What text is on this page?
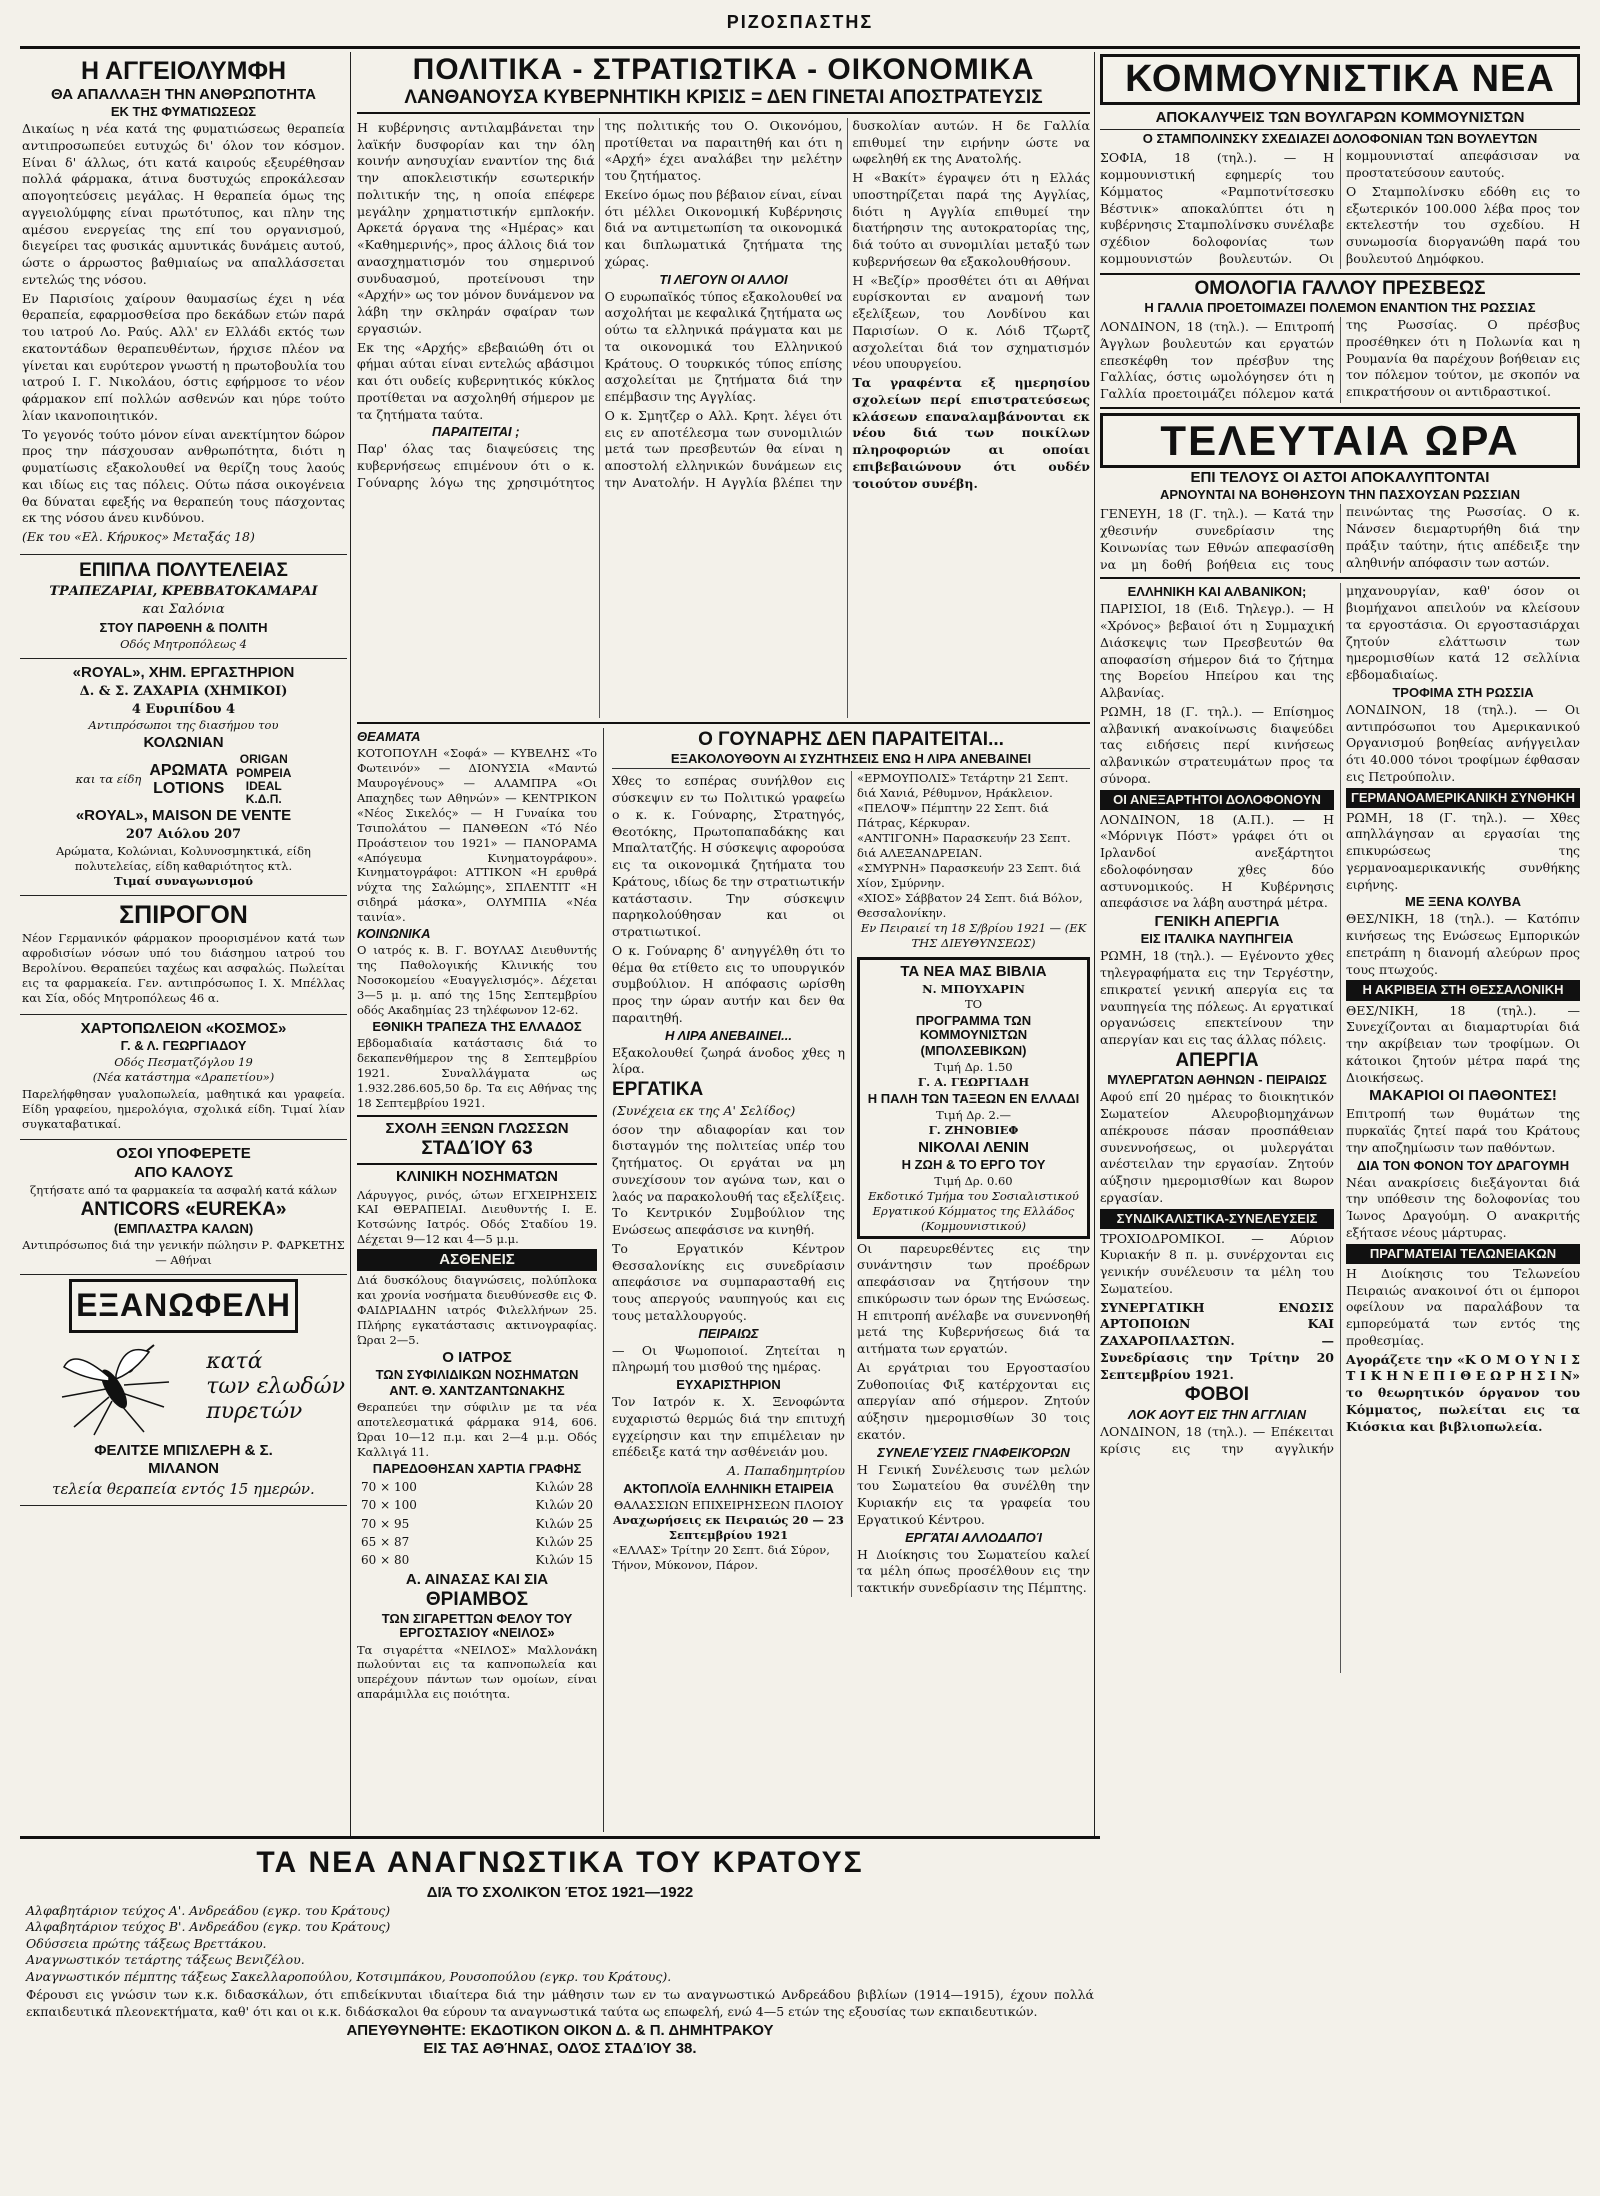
ΡΙΖΟΣΠΑΣΤΗΣ
Η ΑΓΓΕΙΟΛΥΜΦΗ
ΘΑ ΑΠΑΛΛΑΞΗ ΤΗΝ ΑΝΘΡΩΠΟΤΗΤΑ
ΕΚ ΤΗΣ ΦΥΜΑΤΙΩΣΕΩΣ

Δικαίως η νέα κατά της φυματιώσεως θεραπεία αντιπροσωπεύει ευτυχώς δι' όλον τον κόσμον. Είναι δ' άλλως, ότι κατά καιρούς εξευρέθησαν πολλά φάρμακα, άτινα δυστυχώς επροκάλεσαν απογοητεύσεις μεγάλας. Η θεραπεία όμως της αγγειολύμφης είναι πρωτότυπος, και πλην της αμέσου ενεργείας της επί του οργανισμού, διεγείρει τας φυσικάς αμυντικάς δυνάμεις αυτού, ώστε ο άρρωστος βαθμιαίως να απαλλάσσεται εντελώς της νόσου.

Εν Παρισίοις χαίρουν θαυμασίως έχει η νέα θεραπεία, εφαρμοσθείσα προ δεκάδων ετών παρά του ιατρού Λο. Ραύς. Αλλ' εν Ελλάδι εκτός των εκατοντάδων θεραπευθέντων, ήρχισε πλέον να γίνεται και ευρύτερον γνωστή η πρωτοβουλία του ιατρού Ι. Γ. Νικολάου, όστις εφήρμοσε το νέον φάρμακον επί πολλών ασθενών και ηύρε τούτο λίαν ικανοποιητικόν.

Το γεγονός τούτο μόνον είναι ανεκτίμητον δώρον προς την πάσχουσαν ανθρωπότητα, διότι η φυματίωσις εξακολουθεί να θερίζη τους λαούς και ιδίως εις τας πόλεις. Ούτω πάσα οικογένεια θα δύναται εφεξής να θεραπεύη τους πάσχοντας εκ της νόσου άνευ κινδύνου.

(Εκ του «Ελ. Κήρυκος» Μεταξάς 18)

ΕΠΙΠΛΑ ΠΟΛΥΤΕΛΕΙΑΣ
ΤΡΑΠΕΖΑΡΙΑΙ, ΚΡΕΒΒΑΤΟΚΑΜΑΡΑΙ
και Σαλόνια
ΣΤΟΥ ΠΑΡΘΕΝΗ & ΠΟΛΙΤΗ
Οδός Μητροπόλεως 4
«ROYAL», ΧΗΜ. ΕΡΓΑΣΤΗΡΙΟΝ
Δ. & Σ. ΖΑΧΑΡΙΑ (ΧΗΜΙΚΟΙ)
4 Ευριπίδου 4
Αντιπρόσωποι της διασήμου του
ΚΟΛΩΝΙΑΝ
και τα είδη
ΑΡΩΜΑΤΑ
LOTIONS
ORIGAN
POMPEIA
IDEAL
K.Δ.Π.
«ROYAL», MAISON DE VENTE
207 Αιόλου 207
Αρώματα, Κολώνιαι, Κολυνοσμηκτικά, είδη πολυτελείας, είδη καθαριότητος κτλ.
Τιμαί συναγωνισμού
ΣΠΙΡΟΓΟΝ

Νέον Γερμανικόν φάρμακον προορισμένον κατά των αφροδισίων νόσων υπό του διάσημου ιατρού του Βερολίνου. Θεραπεύει ταχέως και ασφαλώς. Πωλείται εις τα φαρμακεία. Γεν. αντιπρόσωπος Ι. Χ. Μπέλλας και Σία, οδός Μητροπόλεως 46 α.

ΧΑΡΤΟΠΩΛΕΙΟΝ «ΚΟΣΜΟΣ»
Γ. & Λ. ΓΕΩΡΓΙΑΔΟΥ
Οδός Πεσματζόγλου 19
(Νέα κατάστημα «Δραπετίου»)

Παρελήφθησαν γυαλοπωλεία, μαθητικά και γραφεία. Είδη γραφείου, ημερολόγια, σχολικά είδη. Τιμαί λίαν συγκαταβατικαί.

ΟΣΟΙ ΥΠΟΦΕΡΕΤΕ
ΑΠΟ ΚΑΛΟΥΣ
ζητήσατε από τα φαρμακεία τα ασφαλή κατά κάλων
ANTICORS «EUREKA»
(ΕΜΠΛΑΣΤΡΑ ΚΑΛΩΝ)
Αντιπρόσωπος διά την γενικήν πώλησιν Ρ. ΦΑΡΚΕΤΗΣ — Αθήναι
ΕΞΑΝΩΦΕΛΗ
κατά
των ελωδών
πυρετών
ΦΕΛΙΤΣΕ ΜΠΙΣΛΕΡΗ & Σ.
ΜΙΛΑΝΟΝ
τελεία θεραπεία εντός 15 ημερών.
ΤΑ ΝΕΑ ΑΝΑΓΝΩΣΤΙΚΑ ΤΟΥ ΚΡΑΤΟΥΣ
ΔΙΆ ΤΌ ΣΧΟΛΙΚΌΝ ΈΤΟΣ 1921—1922
Αλφαβητάριον τεύχος Α'. Ανδρεάδου (εγκρ. του Κράτους)
Αλφαβητάριον τεύχος Β'. Ανδρεάδου (εγκρ. του Κράτους)
Οδύσσεια πρώτης τάξεως Βρεττάκου.
Αναγνωστικόν τετάρτης τάξεως Βενιζέλου.
Αναγνωστικόν πέμπτης τάξεως Σακελλαροπούλου, Κοτσιμπάκου, Ρουσοπούλου (εγκρ. του Κράτους).
Φέρουσι εις γνώσιν των κ.κ. διδασκάλων, ότι επιδείκνυται ιδιαίτερα διά την μάθησιν των εν τω αναγνωστικώ Ανδρεάδου βιβλίων (1914—1915), έχουν πολλά εκπαιδευτικά πλεονεκτήματα, καθ' ότι και οι κ.κ. διδάσκαλοι θα εύρουν τα αναγνωστικά ταύτα ως επωφελή, ενώ 4—5 ετών της εξουσίας των εκπαιδευτικών.
ΑΠΕΥΘΥΝΘΗΤΕ: ΕΚΔΟΤΙΚΟΝ ΟΙΚΟΝ Δ. & Π. ΔΗΜΗΤΡΑΚΟΥ
ΕΙΣ ΤΑΣ ΑΘΉΝΑΣ, ΟΔΌΣ ΣΤΑΔΊΟΥ 38.
ΠΟΛΙΤΙΚΑ - ΣΤΡΑΤΙΩΤΙΚΑ - ΟΙΚΟΝΟΜΙΚΑ
ΛΑΝΘΑΝΟΥΣΑ ΚΥΒΕΡΝΗΤΙΚΗ ΚΡΙΣΙΣ = ΔΕΝ ΓΙΝΕΤΑΙ ΑΠΟΣΤΡΑΤΕΥΣΙΣ

Η κυβέρνησις αντιλαμβάνεται την λαϊκήν δυσφορίαν και την όλη κοινήν ανησυχίαν εναντίον της διά την αποκλειστικήν εσωτερικήν πολιτικήν της, η οποία επέφερε μεγάλην χρηματιστικήν εμπλοκήν. Αρκετά όργανα της «Ημέρας» και «Καθημερινής», προς άλλοις διά τον ανασχηματισμόν του σημερινού συνδυασμού, προτείνουσι την «Αρχήν» ως τον μόνον δυνάμενον να λάβη την σκληράν σφαίραν των εργασιών.

Εκ της «Αρχής» εβεβαιώθη ότι οι φήμαι αύται είναι εντελώς αβάσιμοι και ότι ουδείς κυβερνητικός κύκλος προτίθεται να ασχοληθή σήμερον με τα ζητήματα ταύτα.

ΠΑΡΑΙΤΕΙΤΑΙ ;

Παρ' όλας τας διαψεύσεις της κυβερνήσεως επιμένουν ότι ο κ. Γούναρης λόγω της χρησιμότητος της πολιτικής του Ο. Οικονόμου, προτίθεται να παραιτηθή και ότι η «Αρχή» έχει αναλάβει την μελέτην του ζητήματος.

Εκείνο όμως που βέβαιον είναι, είναι ότι μέλλει Οικονομική Κυβέρνησις διά να αντιμετωπίση τα οικονομικά και διπλωματικά ζητήματα της χώρας.

ΤΙ ΛΕΓΟΥΝ ΟΙ ΑΛΛΟΙ

Ο ευρωπαϊκός τύπος εξακολουθεί να ασχολήται με κεφαλικά ζητήματα ως ούτω τα ελληνικά πράγματα και με τα οικονομικά του Ελληνικού Κράτους. Ο τουρκικός τύπος επίσης ασχολείται με ζητήματα διά την επέμβασιν της Αγγλίας.

Ο κ. Σμητζερ ο Αλλ. Κρητ. λέγει ότι εις εν αποτέλεσμα των συνομιλιών μετά των πρεσβευτών θα είναι η αποστολή ελληνικών δυνάμεων εις την Ανατολήν. Η Αγγλία βλέπει την δυσκολίαν αυτών. Η δε Γαλλία επιθυμεί την ειρήνην ώστε να ωφεληθή εκ της Ανατολής.

Η «Βακίτ» έγραψεν ότι η Ελλάς υποστηρίζεται παρά της Αγγλίας, διότι η Αγγλία επιθυμεί την διατήρησιν της αυτοκρατορίας της, διά τούτο αι συνομιλίαι μεταξύ των κυβερνήσεων θα εξακολουθήσουν.

Η «Βεζίρ» προσθέτει ότι αι Αθήναι ευρίσκονται εν αναμονή των εξελίξεων, του Λονδίνου και Παρισίων. Ο κ. Λόιδ Τζωρτζ ασχολείται διά τον σχηματισμόν νέου υπουργείου.

Τα γραφέντα εξ ημερησίου σχολείων περί επιστρατεύσεως κλάσεων επαναλαμβάνονται εκ νέου διά των ποικίλων πληροφοριών αι οποίαι επιβεβαιώνουν ότι ουδέν τοιούτον συνέβη.

ΘΕΑΜΑΤΑ

ΚΟΤΟΠΟΥΛΗ «Σοφά» — ΚΥΒΕΛΗΣ «Το Φωτεινόν» — ΔΙΟΝΥΣΙΑ «Μαντώ Μαυρογένους» — ΑΛΑΜΠΡΑ «Οι Απαχηδες των Αθηνών» — ΚΕΝΤΡΙΚΟΝ «Νέος Σικελός» — Η Γυναίκα του Τσιπολάτου — ΠΑΝΘΕΩΝ «Τό Νέο Προάστειον του 1921» — ΠΑΝΟΡΑΜΑ «Απόγευμα Κινηματογράφου». Κινηματογράφοι: ΑΤΤΙΚΟΝ «Η ερυθρά νύχτα της Σαλώμης», ΣΠΛΕΝΤΙΤ «Η σιδηρά μάσκα», ΟΛΥΜΠΙΑ «Νέα ταινία».

ΚΟΙΝΩΝΙΚΑ

Ο ιατρός κ. Β. Γ. ΒΟΥΛΑΣ Διευθυντής της Παθολογικής Κλινικής του Νοσοκομείου «Ευαγγελισμός». Δέχεται 3—5 μ. μ. από της 15ης Σεπτεμβρίου οδός Ακαδημίας 23 τηλέφωνον 12-62.

ΕΘΝΙΚΗ ΤΡΑΠΕΖΑ ΤΗΣ ΕΛΛΑΔΟΣ

Εβδομαδιαία κατάστασις διά το δεκαπενθήμερον της 8 Σεπτεμβρίου 1921. Συναλλάγματα ως 1.932.286.605,50 δρ. Τα εις Αθήνας της 18 Σεπτεμβρίου 1921.

ΣΧΟΛΗ ΞΕΝΩΝ ΓΛΩΣΣΩΝ
ΣΤΑΔΊΟΥ 63
ΚΛΙΝΙΚΗ ΝΟΣΗΜΑΤΩΝ

Λάρυγγος, ρινός, ώτων ΕΓΧΕΙΡΗΣΕΙΣ ΚΑΙ ΘΕΡΑΠΕΙΑΙ. Διευθυντής Ι. Ε. Κοτσώνης Ιατρός. Οδός Σταδίου 19. Δέχεται 9—12 και 4—5 μ.μ.

ΑΣΘΕΝΕΙΣ

Διά δυσκόλους διαγνώσεις, πολύπλοκα και χρονία νοσήματα διευθύνεσθε εις Φ. ΦΑΙΔΡΙΑΔΗΝ ιατρός Φιλελλήνων 25. Πλήρης εγκατάστασις ακτινογραφίας. Ώραι 2—5.

Ο ΙΑΤΡΟΣ
ΤΩΝ ΣΥΦΙΛΙΔΙΚΩΝ ΝΟΣΗΜΑΤΩΝ
ΑΝΤ. Θ. ΧΑΝΤΖΑΝΤΩΝΑΚΗΣ

Θεραπεύει την σύφιλιν με τα νέα αποτελεσματικά φάρμακα 914, 606. Ώραι 10—12 π.μ. και 2—4 μ.μ. Οδός Καλλιγά 11.

ΠΑΡΕΔΟΘΗΣΑΝ ΧΑΡΤΙΑ ΓΡΑΦΗΣ
70 × 100	Κιλών 28
70 × 100	Κιλών 20
70 × 95	Κιλών 25
65 × 87	Κιλών 25
60 × 80	Κιλών 15
Α. ΑΙΝΑΣΑΣ ΚΑΙ ΣΙΑ
ΘΡΙΑΜΒΟΣ
ΤΩΝ ΣΙΓΑΡΕΤΤΩΝ ΦΕΛΟΥ ΤΟΥ ΕΡΓΟΣΤΑΣΙΟΥ «ΝΕΙΛΟΣ»

Τα σιγαρέττα «ΝΕΙΛΟΣ» Μαλλονάκη πωλούνται εις τα καπνοπωλεία και υπερέχουν πάντων των ομοίων, είναι απαράμιλλα εις ποιότητα.

Ο ΓΟΥΝΑΡΗΣ ΔΕΝ ΠΑΡΑΙΤΕΙΤΑΙ...
ΕΞΑΚΟΛΟΥΘΟΥΝ ΑΙ ΣΥΖΗΤΗΣΕΙΣ ΕΝΩ Η ΛΙΡΑ ΑΝΕΒΑΙΝΕΙ

Χθες το εσπέρας συνήλθον εις σύσκεψιν εν τω Πολιτικώ γραφείω ο κ. κ. Γούναρης, Στρατηγός, Θεοτόκης, Πρωτοπαπαδάκης και Μπαλτατζής. Η σύσκεψις αφορούσα εις τα οικονομικά ζητήματα του Κράτους, ιδίως δε την στρατιωτικήν κατάστασιν. Την σύσκεψιν παρηκολούθησαν και οι στρατιωτικοί.

Ο κ. Γούναρης δ' ανηγγέλθη ότι το θέμα θα ετίθετο εις το υπουργικόν συμβούλιον. Η απόφασις ωρίσθη προς την ώραν αυτήν και δεν θα παραιτηθή.

Η ΛΙΡΑ ΑΝΕΒΑΙΝΕΙ...

Εξακολουθεί ζωηρά άνοδος χθες η λίρα.

ΕΡΓΑΤΙΚΑ

(Συνέχεια εκ της Α' Σελίδος)

όσον την αδιαφορίαν και τον δισταγμόν της πολιτείας υπέρ του ζητήματος. Οι εργάται να μη συνεχίσουν τον αγώνα των, και ο λαός να παρακολουθή τας εξελίξεις. Το Κεντρικόν Συμβούλιον της Ενώσεως απεφάσισε να κινηθή.

Το Εργατικόν Κέντρον Θεσσαλονίκης εις συνεδρίασιν απεφάσισε να συμπαρασταθή εις τους απεργούς ναυπηγούς και εις τους μεταλλουργούς.

ΠΕΙΡΑΙΩΣ

— Οι Ψωμοποιοί. Ζητείται η πληρωμή του μισθού της ημέρας.

ΕΥΧΑΡΙΣΤΗΡΙΟΝ

Τον Ιατρόν κ. Χ. Ξενοφώντα ευχαριστώ θερμώς διά την επιτυχή εγχείρησιν και την επιμέλειαν ην επέδειξε κατά την ασθένειάν μου.

Α. Παπαδημητρίου

ΑΚΤΟΠΛΟΪΑ ΕΛΛΗΝΙΚΗ ΕΤΑΙΡΕΙΑ
ΘΑΛΑΣΣΙΩΝ ΕΠΙΧΕΙΡΗΣΕΩΝ ΠΛΟΙΟΥ
Αναχωρήσεις εκ Πειραιώς 20 — 23 Σεπτεμβρίου 1921
«ΕΛΛΑΣ» Τρίτην 20 Σεπτ. διά Σύρον, Τήνον, Μύκονον, Πάρον.
«ΕΡΜΟΥΠΟΛΙΣ» Τετάρτην 21 Σεπτ. διά Χανιά, Ρέθυμνον, Ηράκλειον.
«ΠΕΛΟΨ» Πέμπτην 22 Σεπτ. διά Πάτρας, Κέρκυραν.
«ΑΝΤΙΓΟΝΗ» Παρασκευήν 23 Σεπτ. διά ΑΛΕΞΑΝΔΡΕΙΑΝ.
«ΣΜΥΡΝΗ» Παρασκευήν 23 Σεπτ. διά Χίον, Σμύρνην.
«ΧΙΟΣ» Σάββατον 24 Σεπτ. διά Βόλον, Θεσσαλονίκην.
Εν Πειραιεί τη 18 Σ/βρίου 1921 — (ΕΚ ΤΗΣ ΔΙΕΥΘΥΝΣΕΩΣ)
ΤΑ ΝΕΑ ΜΑΣ ΒΙΒΛΙΑ
Ν. ΜΠΟΥΧΑΡΙΝ
ΤΟ
ΠΡΟΓΡΑΜΜΑ ΤΩΝ ΚΟΜΜΟΥΝΙΣΤΩΝ
(ΜΠΟΛΣΕΒΙΚΩΝ)
Τιμή Δρ. 1.50
Γ. Α. ΓΕΩΡΓΙΑΔΗ
Η ΠΑΛΗ ΤΩΝ ΤΑΞΕΩΝ ΕΝ ΕΛΛΑΔΙ
Τιμή Δρ. 2.—
Γ. ΖΗΝΟΒΙΕΦ
ΝΙΚΟΛΑΙ ΛΕΝΙΝ
Η ΖΩΗ & ΤΟ ΕΡΓΟ ΤΟΥ
Τιμή Δρ. 0.60
Εκδοτικό Τμήμα του Σοσιαλιστικού Εργατικού Κόμματος της Ελλάδος (Κομμουνιστικού)

Οι παρευρεθέντες εις την συνάντησιν των προέδρων απεφάσισαν να ζητήσουν την επικύρωσιν των όρων της Ενώσεως. Η επιτροπή ανέλαβε να συνεννοηθή μετά της Κυβερνήσεως διά τα αιτήματα των εργατών.

Αι εργάτριαι του Εργοστασίου Ζυθοποιίας Φιξ κατέρχονται εις απεργίαν από σήμερον. Ζητούν αύξησιν ημερομισθίων 30 τοις εκατόν.

ΣΥΝΕΛΕΎΣΕΙΣ ΓΝΑΦΕΙΚΌΡΩΝ

Η Γενική Συνέλευσις των μελών του Σωματείου θα συνέλθη την Κυριακήν εις τα γραφεία του Εργατικού Κέντρου.

ΕΡΓΆΤΑΙ ΑΛΛΟΔΑΠΟΊ

Η Διοίκησις του Σωματείου καλεί τα μέλη όπως προσέλθουν εις την τακτικήν συνεδρίασιν της Πέμπτης.

ΚΟΜΜΟΥΝΙΣΤΙΚΑ ΝΕΑ
ΑΠΟΚΑΛΥΨΕΙΣ ΤΩΝ ΒΟΥΛΓΑΡΩΝ ΚΟΜΜΟΥΝΙΣΤΩΝ
Ο ΣΤΑΜΠΟΛΙΝΣΚΥ ΣΧΕΔΙΑΖΕΙ ΔΟΛΟΦΟΝΙΑΝ ΤΩΝ ΒΟΥΛΕΥΤΩΝ

ΣΟΦΙΑ, 18 (τηλ.). — Η κομμουνιστική εφημερίς του Κόμματος «Ραμποτνίτσεσκυ Βέστνικ» αποκαλύπτει ότι η κυβέρνησις Σταμπολίνσκυ συνέλαβε σχέδιον δολοφονίας των κομμουνιστών βουλευτών. Οι κομμουνισταί απεφάσισαν να προστατεύσουν εαυτούς.

Ο Σταμπολίνσκυ εδόθη εις το εξωτερικόν 100.000 λέβα προς τον εκτελεστήν του σχεδίου. Η συνωμοσία διοργανώθη παρά του βουλευτού Δημόφκου.

ΟΜΟΛΟΓΙΑ ΓΑΛΛΟΥ ΠΡΕΣΒΕΩΣ
Η ΓΑΛΛΙΑ ΠΡΟΕΤΟΙΜΑΖΕΙ ΠΟΛΕΜΟΝ ΕΝΑΝΤΙΟΝ ΤΗΣ ΡΩΣΣΙΑΣ

ΛΟΝΔΙΝΟΝ, 18 (τηλ.). — Επιτροπή Άγγλων βουλευτών και εργατών επεσκέφθη τον πρέσβυν της Γαλλίας, όστις ωμολόγησεν ότι η Γαλλία προετοιμάζει πόλεμον κατά της Ρωσσίας. Ο πρέσβυς προσέθηκεν ότι η Πολωνία και η Ρουμανία θα παρέχουν βοήθειαν εις τον πόλεμον τούτον, με σκοπόν να επικρατήσουν οι αντιδραστικοί.

ΤΕΛΕΥΤΑΙΑ ΩΡΑ
ΕΠΙ ΤΕΛΟΥΣ ΟΙ ΑΣΤΟΙ ΑΠΟΚΑΛΥΠΤΟΝΤΑΙ
ΑΡΝΟΥΝΤΑΙ ΝΑ ΒΟΗΘΗΣΟΥΝ ΤΗΝ ΠΑΣΧΟΥΣΑΝ ΡΩΣΣΙΑΝ

ΓΕΝΕΥΗ, 18 (Γ. τηλ.). — Κατά την χθεσινήν συνεδρίασιν της Κοινωνίας των Εθνών απεφασίσθη να μη δοθή βοήθεια εις τους πεινώντας της Ρωσσίας. Ο κ. Νάνσεν διεμαρτυρήθη διά την πράξιν ταύτην, ήτις απέδειξε την αληθινήν απόφασιν των αστών.

ΕΛΛΗΝΙΚΗ ΚΑΙ ΑΛΒΑΝΙΚΟΝ;

ΠΑΡΙΣΙΟΙ, 18 (Ειδ. Τηλεγρ.). — Η «Χρόνος» βεβαιοί ότι η Συμμαχική Διάσκεψις των Πρεσβευτών θα αποφασίση σήμερον διά το ζήτημα της Βορείου Ηπείρου και της Αλβανίας.

ΡΩΜΗ, 18 (Γ. τηλ.). — Επίσημος αλβανική ανακοίνωσις διαψεύδει τας ειδήσεις περί κινήσεως αλβανικών στρατευμάτων προς τα σύνορα.

ΟΙ ΑΝΕΞΑΡΤΗΤΟΙ ΔΟΛΟΦΟΝΟΥΝ

ΛΟΝΔΙΝΟΝ, 18 (Α.Π.). — Η «Μόρνιγκ Πόστ» γράφει ότι οι Ιρλανδοί ανεξάρτητοι εδολοφόνησαν χθες δύο αστυνομικούς. Η Κυβέρνησις απεφάσισε να λάβη αυστηρά μέτρα.

ΓΕΝΙΚΗ ΑΠΕΡΓΙΑ
ΕΙΣ ΙΤΑΛΙΚΑ ΝΑΥΠΗΓΕΙΑ

ΡΩΜΗ, 18 (τηλ.). — Εγένοντο χθες τηλεγραφήματα εις την Τεργέστην, επικρατεί γενική απεργία εις τα ναυπηγεία της πόλεως. Αι εργατικαί οργανώσεις επεκτείνουν την απεργίαν και εις τας άλλας πόλεις.

ΑΠΕΡΓΙΑ
ΜΥΛΕΡΓΑΤΩΝ ΑΘΗΝΩΝ - ΠΕΙΡΑΙΩΣ

Αφού επί 20 ημέρας το διοικητικόν Σωματείον Αλευροβιομηχάνων απέκρουσε πάσαν προσπάθειαν συνεννοήσεως, οι μυλεργάται ανέστειλαν την εργασίαν. Ζητούν αύξησιν ημερομισθίων και 8ωρον εργασίαν.

ΣΥΝΔΙΚΑΛΙΣΤΙΚΑ-ΣΥΝΕΛΕΥΣΕΙΣ

ΤΡΟΧΙΟΔΡΟΜΙΚΟΙ. — Αύριον Κυριακήν 8 π. μ. συνέρχονται εις γενικήν συνέλευσιν τα μέλη του Σωματείου.

ΣΥΝΕΡΓΑΤΙΚΗ ΕΝΩΣΙΣ ΑΡΤΟΠΟΙΩΝ ΚΑΙ ΖΑΧΑΡΟΠΛΑΣΤΩΝ. — Συνεδρίασις την Τρίτην 20 Σεπτεμβρίου 1921.

ΦΟΒΟΙ
ΛΟΚ ΑΟΥΤ ΕΙΣ ΤΗΝ ΑΓΓΛΙΑΝ

ΛΟΝΔΙΝΟΝ, 18 (τηλ.). — Επέκειται κρίσις εις την αγγλικήν μηχανουργίαν, καθ' όσον οι βιομήχανοι απειλούν να κλείσουν τα εργοστάσια. Οι εργοστασιάρχαι ζητούν ελάττωσιν των ημερομισθίων κατά 12 σελλίνια εβδομαδιαίως.

ΤΡΟΦΙΜΑ ΣΤΗ ΡΩΣΣΙΑ

ΛΟΝΔΙΝΟΝ, 18 (τηλ.). — Οι αντιπρόσωποι του Αμερικανικού Οργανισμού βοηθείας ανήγγειλαν ότι 40.000 τόνοι τροφίμων έφθασαν εις Πετρούπολιν.

ΓΕΡΜΑΝΟΑΜΕΡΙΚΑΝΙΚΗ ΣΥΝΘΗΚΗ

ΡΩΜΗ, 18 (Γ. τηλ.). — Χθες απηλλάγησαν αι εργασίαι της επικυρώσεως της γερμανοαμερικανικής συνθήκης ειρήνης.

ΜΕ ΞΕΝΑ ΚΟΛΥΒΑ

ΘΕΣ/ΝΙΚΗ, 18 (τηλ.). — Κατόπιν κινήσεως της Ενώσεως Εμπορικών επετράπη η διανομή αλεύρων προς τους πτωχούς.

Η ΑΚΡΙΒΕΙΑ ΣΤΗ ΘΕΣΣΑΛΟΝΙΚΗ

ΘΕΣ/ΝΙΚΗ, 18 (τηλ.). — Συνεχίζονται αι διαμαρτυρίαι διά την ακρίβειαν των τροφίμων. Οι κάτοικοι ζητούν μέτρα παρά της Διοικήσεως.

ΜΑΚΑΡΙΟΙ ΟΙ ΠΑΘΟΝΤΕΣ!

Επιτροπή των θυμάτων της πυρκαϊάς ζητεί παρά του Κράτους την αποζημίωσιν των παθόντων.

ΔΙΑ ΤΟΝ ΦΟΝΟΝ ΤΟΥ ΔΡΑΓΟΥΜΗ

Νέαι ανακρίσεις διεξάγονται διά την υπόθεσιν της δολοφονίας του Ίωνος Δραγούμη. Ο ανακριτής εξήτασε νέους μάρτυρας.

ΠΡΑΓΜΑΤΕΙΑΙ ΤΕΛΩΝΕΙΑΚΩΝ

Η Διοίκησις του Τελωνείου Πειραιώς ανακοινοί ότι οι έμποροι οφείλουν να παραλάβουν τα εμπορεύματά των εντός της προθεσμίας.

Αγοράζετε την «Κ Ο Μ Ο Υ Ν Ι Σ Τ Ι Κ Η Ν Ε Π Ι Θ Ε Ω Ρ Η Σ Ι Ν» το θεωρητικόν όργανον του Κόμματος, πωλείται εις τα Κιόσκια και βιβλιοπωλεία.
